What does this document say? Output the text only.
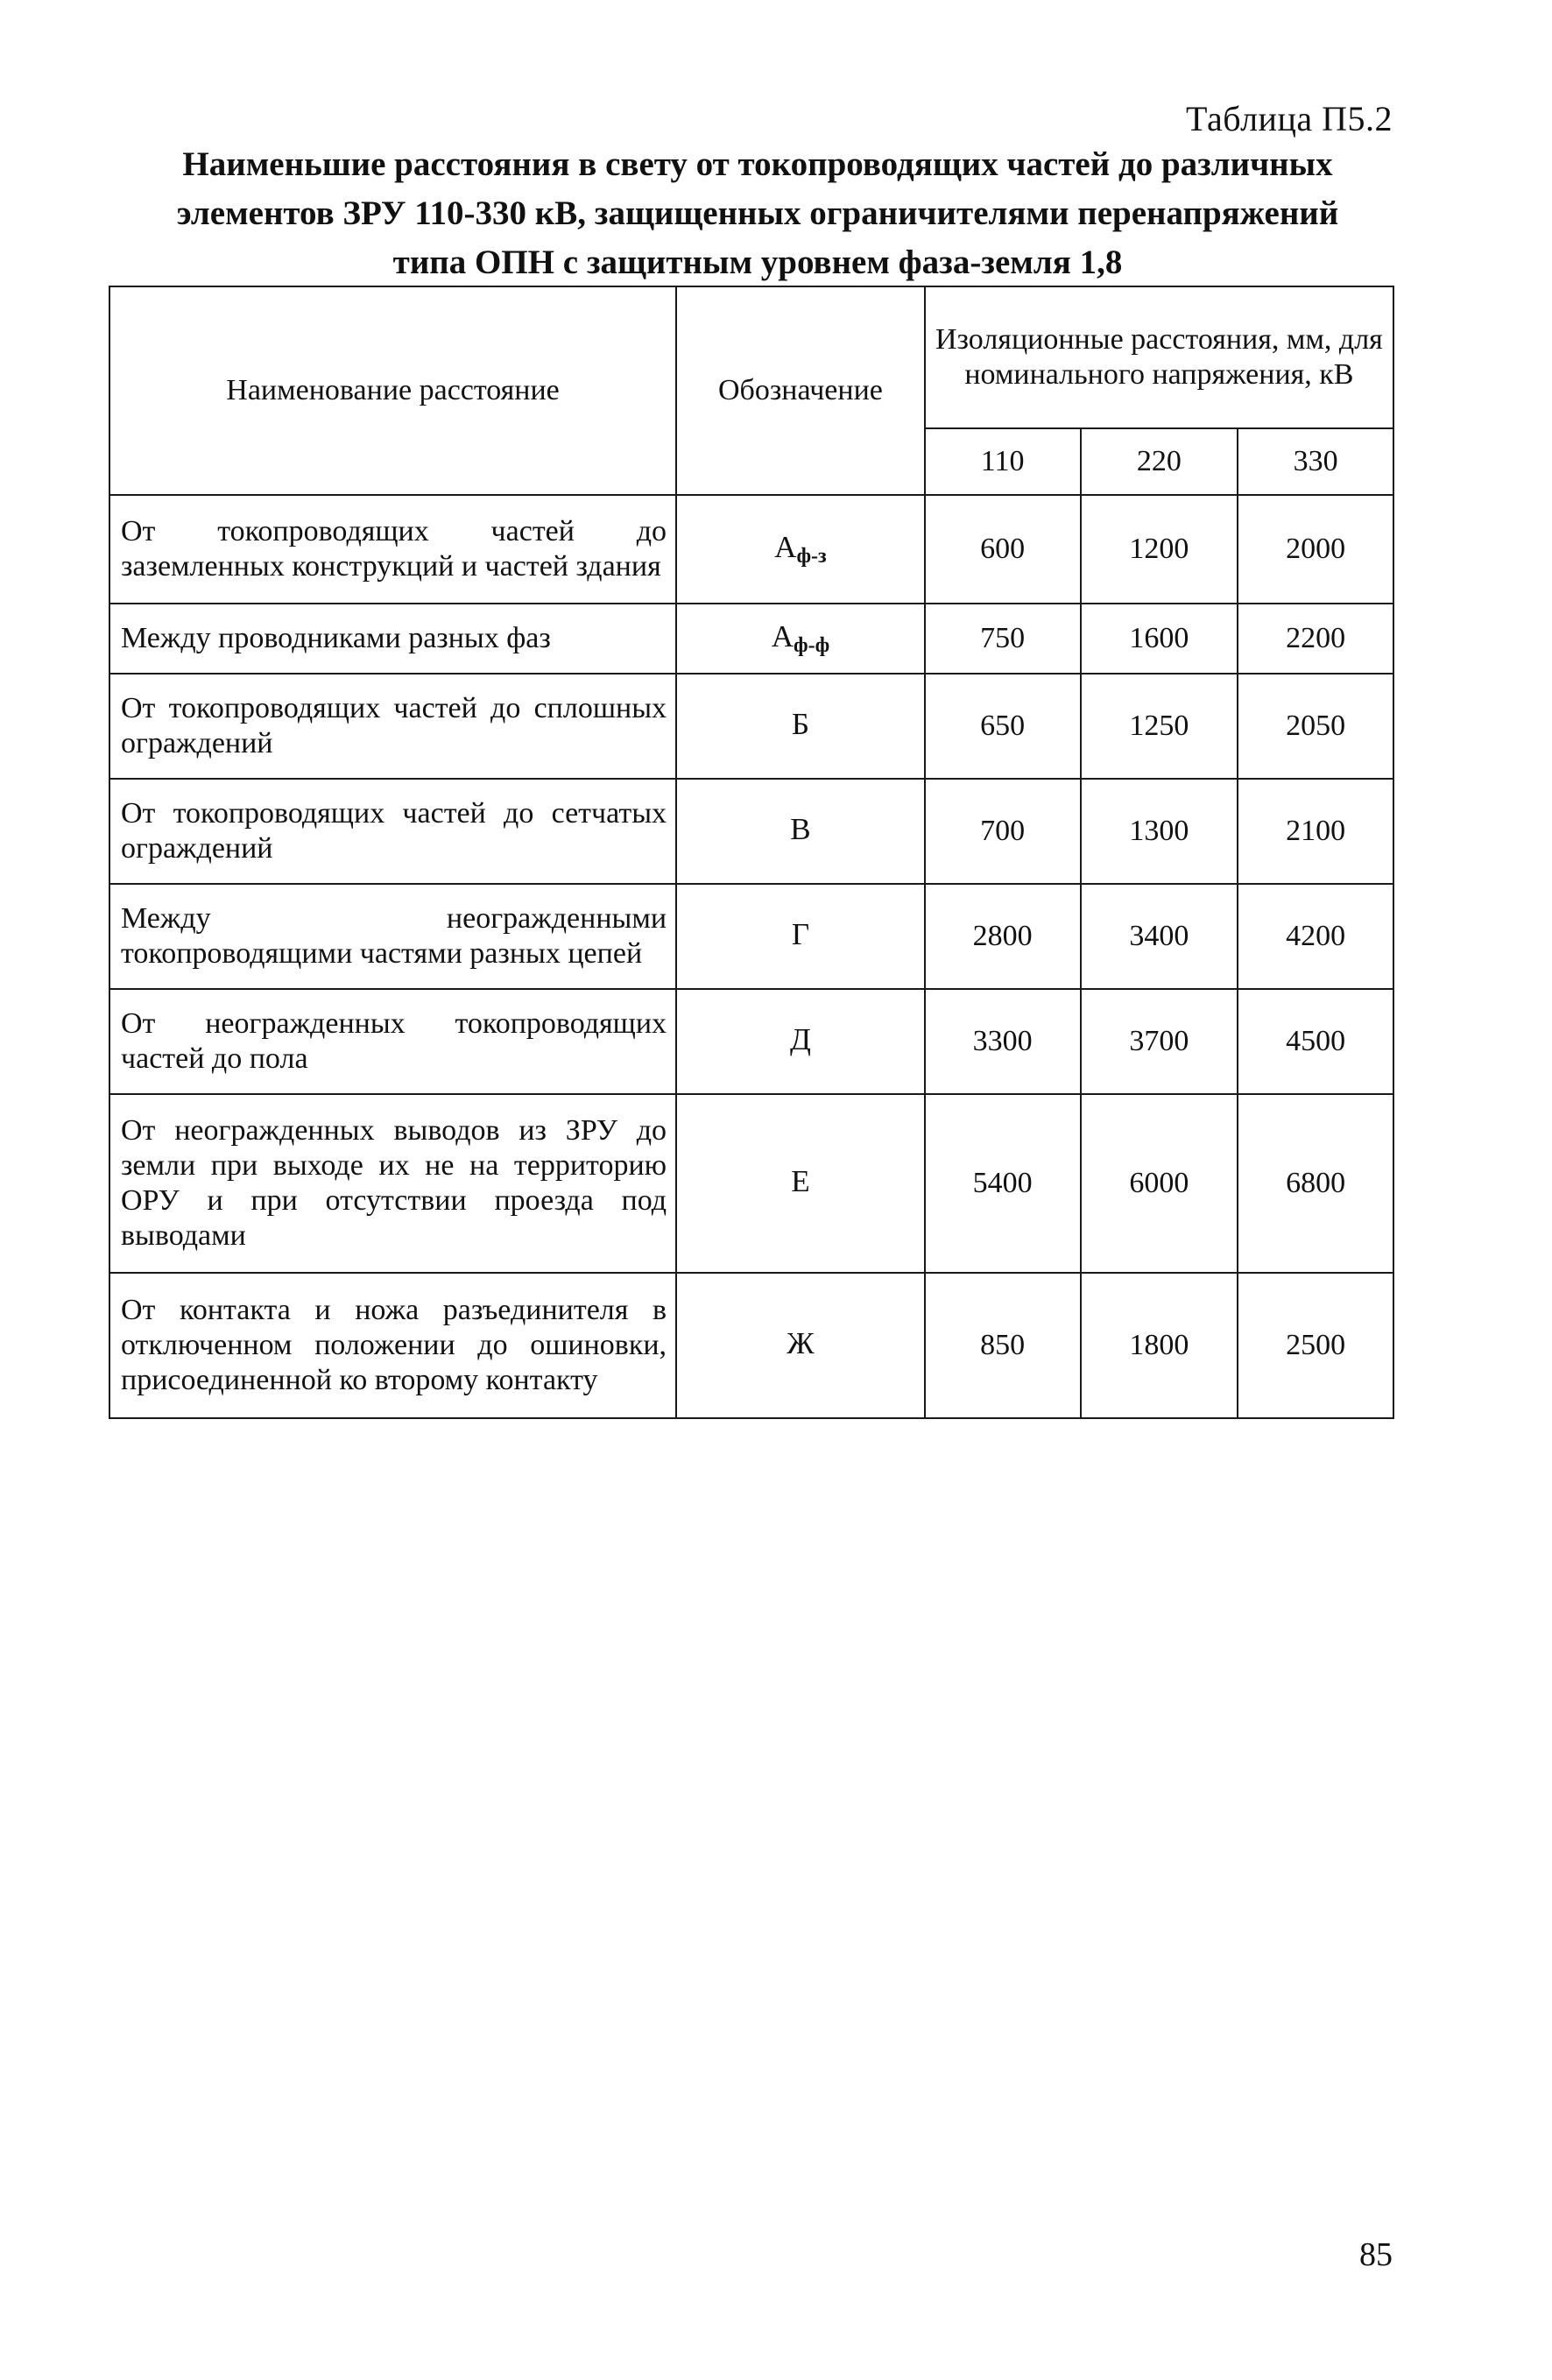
Таблица П5.2
Наименьшие расстояния в свету от токопроводящих частей до различных
элементов ЗРУ 110-330 кВ, защищенных ограничителями перенапряжений
типа ОПН с защитным уровнем фаза-земля 1,8
Наименование расстояние	Обозначение	Изоляционные расстояния, мм, для номинального напряжения, кВ		
		110	220	330
От токопроводящих частей до заземленных конструкций и частей здания	$А_{ф-з}$	600	1200	2000
Между проводниками разных фаз	$А_{ф-ф}$	750	1600	2200
От токопроводящих частей до сплошных ограждений	Б	650	1250	2050
От токопроводящих частей до сетчатых ограждений	В	700	1300	2100
Между неогражденными токопроводящими частями разных цепей	Г	2800	3400	4200
От неогражденных токопроводящих частей до пола	Д	3300	3700	4500
От неогражденных выводов из ЗРУ до земли при выходе их не на территорию ОРУ и при отсутствии проезда под выводами	Е	5400	6000	6800
От контакта и ножа разъединителя в отключенном положении до ошиновки, присоединенной ко второму контакту	Ж	850	1800	2500
85
